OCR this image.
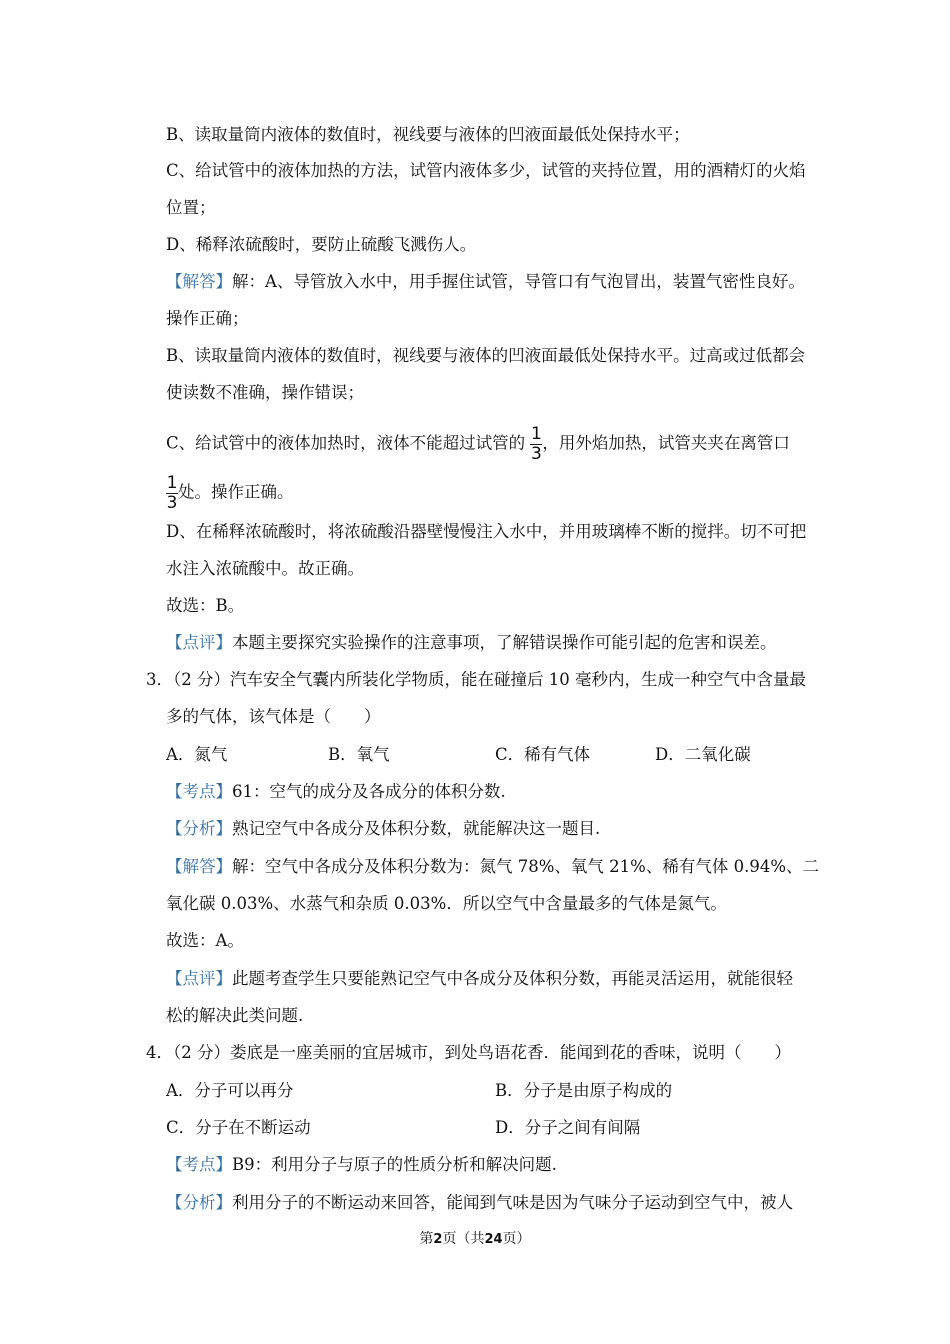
B、读取量筒内液体的数值时，视线要与液体的凹液面最低处保持水平；
C、给试管中的液体加热的方法，试管内液体多少，试管的夹持位置，用的酒精灯的火焰
位置；
D、稀释浓硫酸时，要防止硫酸飞溅伤人。
【解答】解：A、导管放入水中，用手握住试管，导管口有气泡冒出，装置气密性良好。
操作正确；
B、读取量筒内液体的数值时，视线要与液体的凹液面最低处保持水平。过高或过低都会
使读数不准确，操作错误；
C、给试管中的液体加热时，液体不能超过试管的 $\frac{1}{3}$ ，用外焰加热，试管夹夹在离管口
$\frac{1}{3}$ 处。操作正确。
D、在稀释浓硫酸时，将浓硫酸沿器壁慢慢注入水中，并用玻璃棒不断的搅拌。切不可把
水注入浓硫酸中。故正确。
故选：B。
【点评】本题主要探究实验操作的注意事项，了解错误操作可能引起的危害和误差。
3．（2 分）汽车安全气囊内所装化学物质，能在碰撞后 10 毫秒内，生成一种空气中含量最
多的气体，该气体是（　　）
A．氮气	B．氧气	C．稀有气体	D．二氧化碳
【考点】61：空气的成分及各成分的体积分数.
【分析】熟记空气中各成分及体积分数，就能解决这一题目.
【解答】解：空气中各成分及体积分数为：氮气 78%、氧气 21%、稀有气体 0.94%、二
氧化碳 0.03%、水蒸气和杂质 0.03%．所以空气中含量最多的气体是氮气。
故选：A。
【点评】此题考查学生只要能熟记空气中各成分及体积分数，再能灵活运用，就能很轻
松的解决此类问题.
4．（2 分）娄底是一座美丽的宜居城市，到处鸟语花香．能闻到花的香味，说明（　　）
A．分子可以再分	B．分子是由原子构成的
C．分子在不断运动	D．分子之间有间隔
【考点】B9：利用分子与原子的性质分析和解决问题.
【分析】利用分子的不断运动来回答，能闻到气味是因为气味分子运动到空气中，被人
第2页（共24页）
